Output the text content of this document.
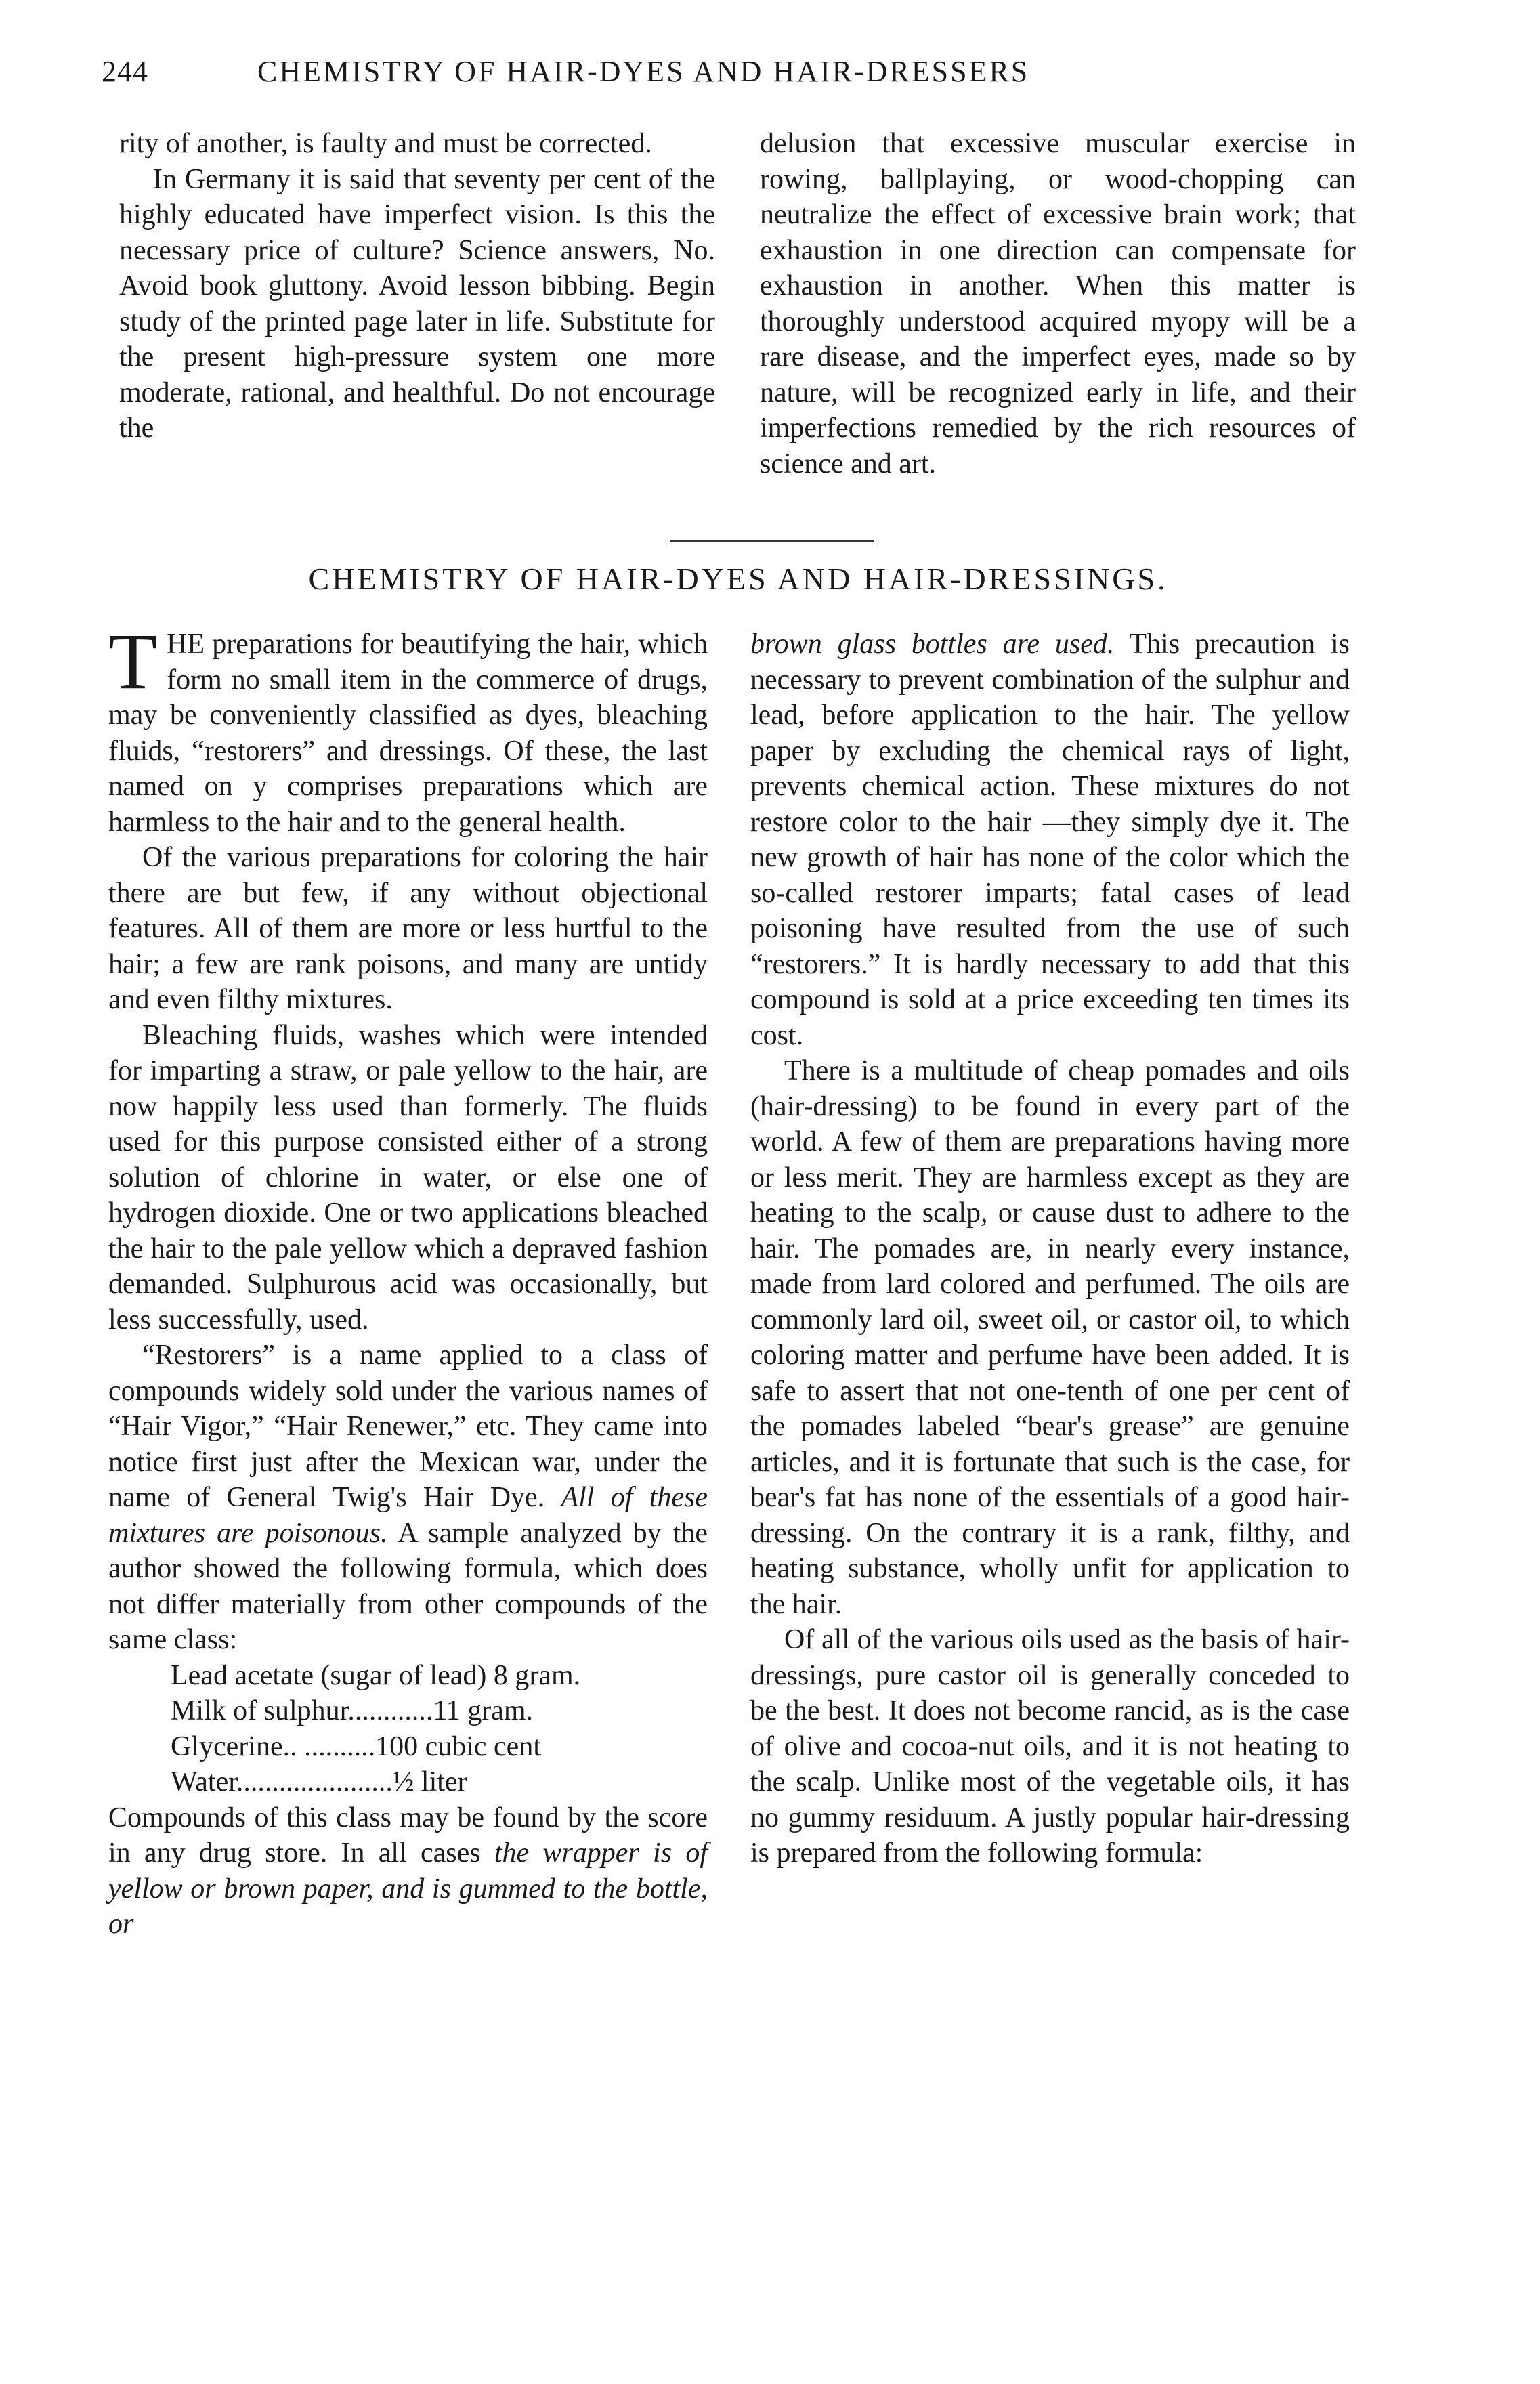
244	CHEMISTRY OF HAIR-DYES AND HAIR-DRESSERS

rity of another, is faulty and must be corrected.

In Germany it is said that seventy per cent of the highly educated have imperfect vision. Is this the necessary price of culture? Science answers, No. Avoid book gluttony. Avoid lesson bibbing. Begin study of the printed page later in life. Substitute for the present high-pressure system one more moderate, rational, and healthful. Do not encourage the

delusion that excessive muscular exercise in rowing, ballplaying, or wood-chopping can neutralize the effect of excessive brain work; that exhaustion in one direction can compensate for exhaustion in another. When this matter is thoroughly understood acquired myopy will be a rare disease, and the imperfect eyes, made so by nature, will be recognized early in life, and their imperfections remedied by the rich resources of science and art.

CHEMISTRY OF HAIR-DYES AND HAIR-DRESSINGS.

THE preparations for beautifying the hair, which form no small item in the commerce of drugs, may be conveniently classified as dyes, bleaching fluids, “restorers” and dressings. Of these, the last named on y comprises preparations which are harmless to the hair and to the general health.

Of the various preparations for coloring the hair there are but few, if any without objectional features. All of them are more or less hurtful to the hair; a few are rank poisons, and many are untidy and even filthy mixtures.

Bleaching fluids, washes which were intended for imparting a straw, or pale yellow to the hair, are now happily less used than formerly. The fluids used for this purpose consisted either of a strong solution of chlorine in water, or else one of hydrogen dioxide. One or two applications bleached the hair to the pale yellow which a depraved fashion demanded. Sulphurous acid was occasionally, but less successfully, used.

“Restorers” is a name applied to a class of compounds widely sold under the various names of “Hair Vigor,” “Hair Renewer,” etc. They came into notice first just after the Mexican war, under the name of General Twig's Hair Dye. All of these mixtures are poisonous. A sample analyzed by the author showed the following formula, which does not differ materially from other compounds of the same class:

Lead acetate (sugar of lead) 8 gram.

Milk of sulphur............11 gram.

Glycerine.. ..........100 cubic cent

Water......................½ liter

Compounds of this class may be found by the score in any drug store. In all cases the wrapper is of yellow or brown paper, and is gummed to the bottle, or

brown glass bottles are used. This precaution is necessary to prevent combination of the sulphur and lead, before application to the hair. The yellow paper by excluding the chemical rays of light, prevents chemical action. These mixtures do not restore color to the hair —they simply dye it. The new growth of hair has none of the color which the so-called restorer imparts; fatal cases of lead poisoning have resulted from the use of such “restorers.” It is hardly necessary to add that this compound is sold at a price exceeding ten times its cost.

There is a multitude of cheap pomades and oils (hair-dressing) to be found in every part of the world. A few of them are preparations having more or less merit. They are harmless except as they are heating to the scalp, or cause dust to adhere to the hair. The pomades are, in nearly every instance, made from lard colored and perfumed. The oils are commonly lard oil, sweet oil, or castor oil, to which coloring matter and perfume have been added. It is safe to assert that not one-tenth of one per cent of the pomades labeled “bear's grease” are genuine articles, and it is fortunate that such is the case, for bear's fat has none of the essentials of a good hair-dressing. On the contrary it is a rank, filthy, and heating substance, wholly unfit for application to the hair.

Of all of the various oils used as the basis of hair-dressings, pure castor oil is generally conceded to be the best. It does not become rancid, as is the case of olive and cocoa-nut oils, and it is not heating to the scalp. Unlike most of the vegetable oils, it has no gummy residuum. A justly popular hair-dressing is prepared from the following formula:
